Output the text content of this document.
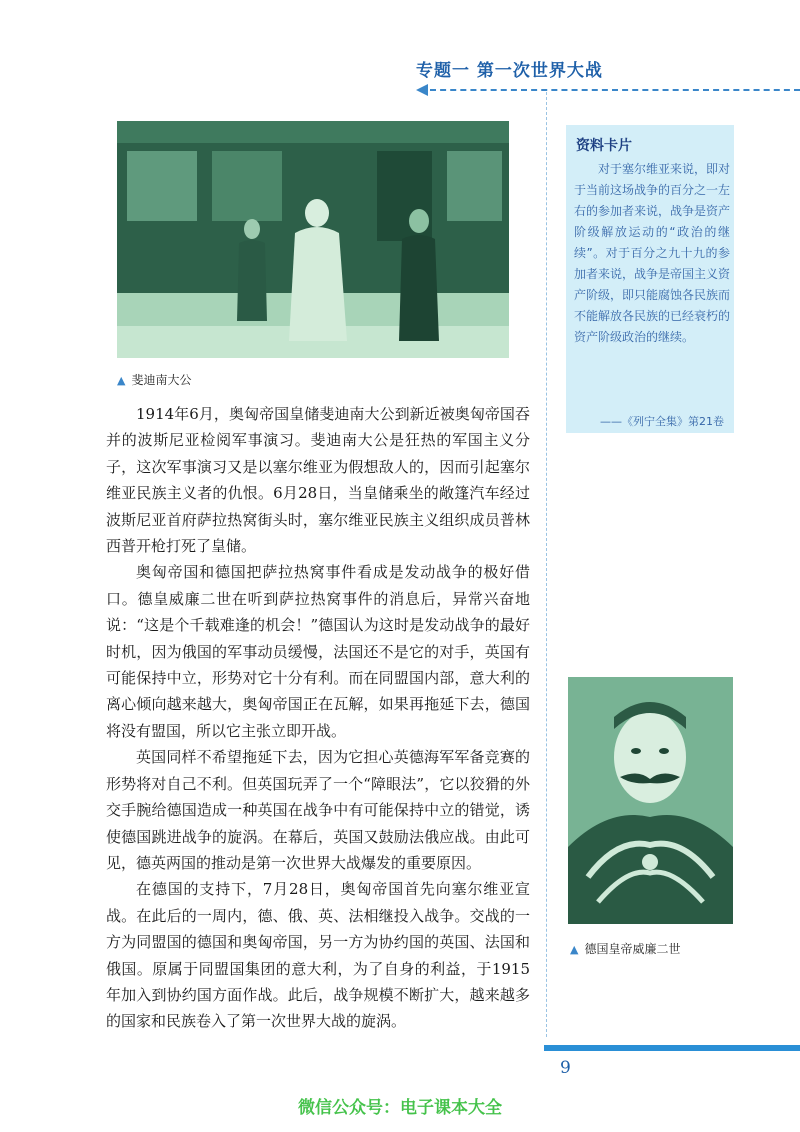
专题一 第一次世界大战
▲ 斐迪南大公
资料卡片

对于塞尔维亚来说，即对于当前这场战争的百分之一左右的参加者来说，战争是资产阶级解放运动的“政治的继续”。对于百分之九十九的参加者来说，战争是帝国主义资产阶级，即只能腐蚀各民族而不能解放各民族的已经衰朽的资产阶级政治的继续。

——《列宁全集》第21卷

1914年6月，奥匈帝国皇储斐迪南大公到新近被奥匈帝国吞并的波斯尼亚检阅军事演习。斐迪南大公是狂热的军国主义分子，这次军事演习又是以塞尔维亚为假想敌人的，因而引起塞尔维亚民族主义者的仇恨。6月28日，当皇储乘坐的敞篷汽车经过波斯尼亚首府萨拉热窝街头时，塞尔维亚民族主义组织成员普林西普开枪打死了皇储。

奥匈帝国和德国把萨拉热窝事件看成是发动战争的极好借口。德皇威廉二世在听到萨拉热窝事件的消息后，异常兴奋地说：“这是个千载难逢的机会！”德国认为这时是发动战争的最好时机，因为俄国的军事动员缓慢，法国还不是它的对手，英国有可能保持中立，形势对它十分有利。而在同盟国内部，意大利的离心倾向越来越大，奥匈帝国正在瓦解，如果再拖延下去，德国将没有盟国，所以它主张立即开战。

英国同样不希望拖延下去，因为它担心英德海军军备竞赛的形势将对自己不利。但英国玩弄了一个“障眼法”，它以狡猾的外交手腕给德国造成一种英国在战争中有可能保持中立的错觉，诱使德国跳进战争的旋涡。在幕后，英国又鼓励法俄应战。由此可见，德英两国的推动是第一次世界大战爆发的重要原因。

在德国的支持下，7月28日，奥匈帝国首先向塞尔维亚宣战。在此后的一周内，德、俄、英、法相继投入战争。交战的一方为同盟国的德国和奥匈帝国，另一方为协约国的英国、法国和俄国。原属于同盟国集团的意大利，为了自身的利益，于1915年加入到协约国方面作战。此后，战争规模不断扩大，越来越多的国家和民族卷入了第一次世界大战的旋涡。

▲ 德国皇帝威廉二世
9
微信公众号：电子课本大全
